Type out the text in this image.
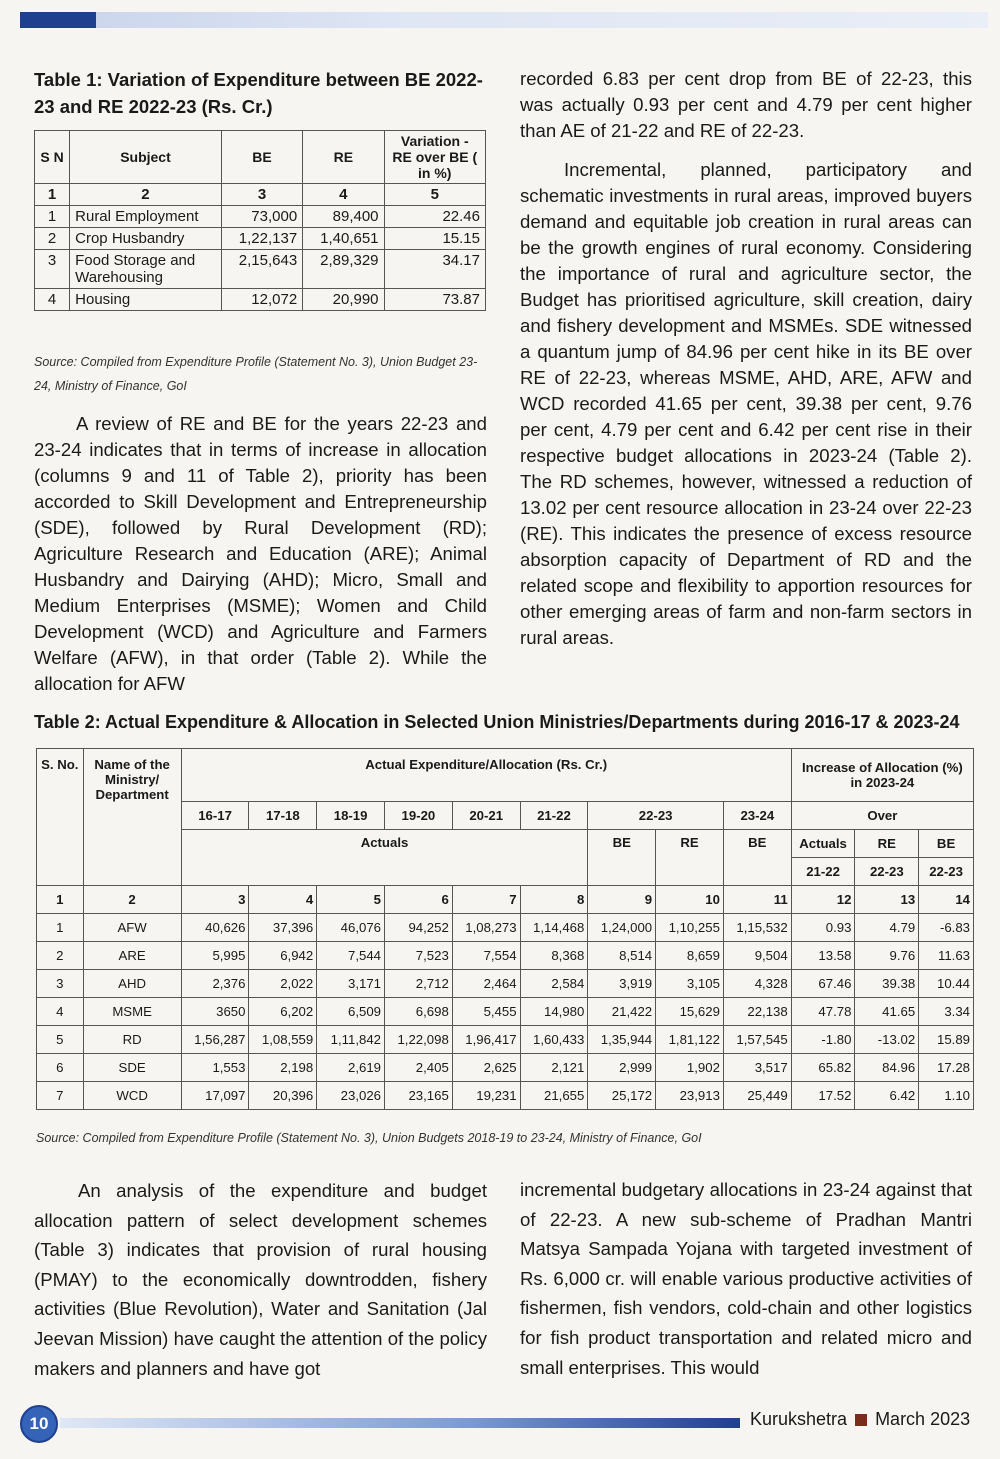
Table 1: Variation of Expenditure between BE 2022-23 and RE 2022-23 (Rs. Cr.)
S N	Subject	BE	RE	Variation - RE over BE ( in %)
1	2	3	4	5
1	Rural Employment	73,000	89,400	22.46
2	Crop Husbandry	1,22,137	1,40,651	15.15
3	Food Storage and Warehousing	2,15,643	2,89,329	34.17
4	Housing	12,072	20,990	73.87
Source: Compiled from Expenditure Profile (Statement No. 3), Union Budget 23-24, Ministry of Finance, GoI
A review of RE and BE for the years 22-23 and 23-24 indicates that in terms of increase in allocation (columns 9 and 11 of Table 2), priority has been accorded to Skill Development and Entrepreneurship (SDE), followed by Rural Development (RD); Agriculture Research and Education (ARE); Animal Husbandry and Dairying (AHD); Micro, Small and Medium Enterprises (MSME); Women and Child Development (WCD) and Agriculture and Farmers Welfare (AFW), in that order (Table 2). While the allocation for AFW
recorded 6.83 per cent drop from BE of 22-23, this was actually 0.93 per cent and 4.79 per cent higher than AE of 21-22 and RE of 22-23.
Incremental, planned, participatory and schematic investments in rural areas, improved buyers demand and equitable job creation in rural areas can be the growth engines of rural economy. Considering the importance of rural and agriculture sector, the Budget has prioritised agriculture, skill creation, dairy and fishery development and MSMEs. SDE witnessed a quantum jump of 84.96 per cent hike in its BE over RE of 22-23, whereas MSME, AHD, ARE, AFW and WCD recorded 41.65 per cent, 39.38 per cent, 9.76 per cent, 4.79 per cent and 6.42 per cent rise in their respective budget allocations in 2023-24 (Table 2). The RD schemes, however, witnessed a reduction of 13.02 per cent resource allocation in 23-24 over 22-23 (RE). This indicates the presence of excess resource absorption capacity of Department of RD and the related scope and flexibility to apportion resources for other emerging areas of farm and non-farm sectors in rural areas.
Table 2: Actual Expenditure & Allocation in Selected Union Ministries/Departments during 2016-17 & 2023-24
S. No.	Name of the Ministry/ Department	Actual Expenditure/Allocation (Rs. Cr.)									Increase of Allocation (%) in 2023-24		
		16-17	17-18	18-19	19-20	20-21	21-22	22-23		23-24	Over		
		Actuals						BE	RE	BE	Actuals	RE	BE
											21-22	22-23	22-23
1	2	3	4	5	6	7	8	9	10	11	12	13	14
1	AFW	40,626	37,396	46,076	94,252	1,08,273	1,14,468	1,24,000	1,10,255	1,15,532	0.93	4.79	-6.83
2	ARE	5,995	6,942	7,544	7,523	7,554	8,368	8,514	8,659	9,504	13.58	9.76	11.63
3	AHD	2,376	2,022	3,171	2,712	2,464	2,584	3,919	3,105	4,328	67.46	39.38	10.44
4	MSME	3650	6,202	6,509	6,698	5,455	14,980	21,422	15,629	22,138	47.78	41.65	3.34
5	RD	1,56,287	1,08,559	1,11,842	1,22,098	1,96,417	1,60,433	1,35,944	1,81,122	1,57,545	-1.80	-13.02	15.89
6	SDE	1,553	2,198	2,619	2,405	2,625	2,121	2,999	1,902	3,517	65.82	84.96	17.28
7	WCD	17,097	20,396	23,026	23,165	19,231	21,655	25,172	23,913	25,449	17.52	6.42	1.10
Source: Compiled from Expenditure Profile (Statement No. 3), Union Budgets 2018-19 to 23-24, Ministry of Finance, GoI
An analysis of the expenditure and budget allocation pattern of select development schemes (Table 3) indicates that provision of rural housing (PMAY) to the economically downtrodden, fishery activities (Blue Revolution), Water and Sanitation (Jal Jeevan Mission) have caught the attention of the policy makers and planners and have got
incremental budgetary allocations in 23-24 against that of 22-23. A new sub-scheme of Pradhan Mantri Matsya Sampada Yojana with targeted investment of Rs. 6,000 cr. will enable various productive activities of fishermen, fish vendors, cold-chain and other logistics for fish product transportation and related micro and small enterprises. This would
10	Kurukshetra March 2023
